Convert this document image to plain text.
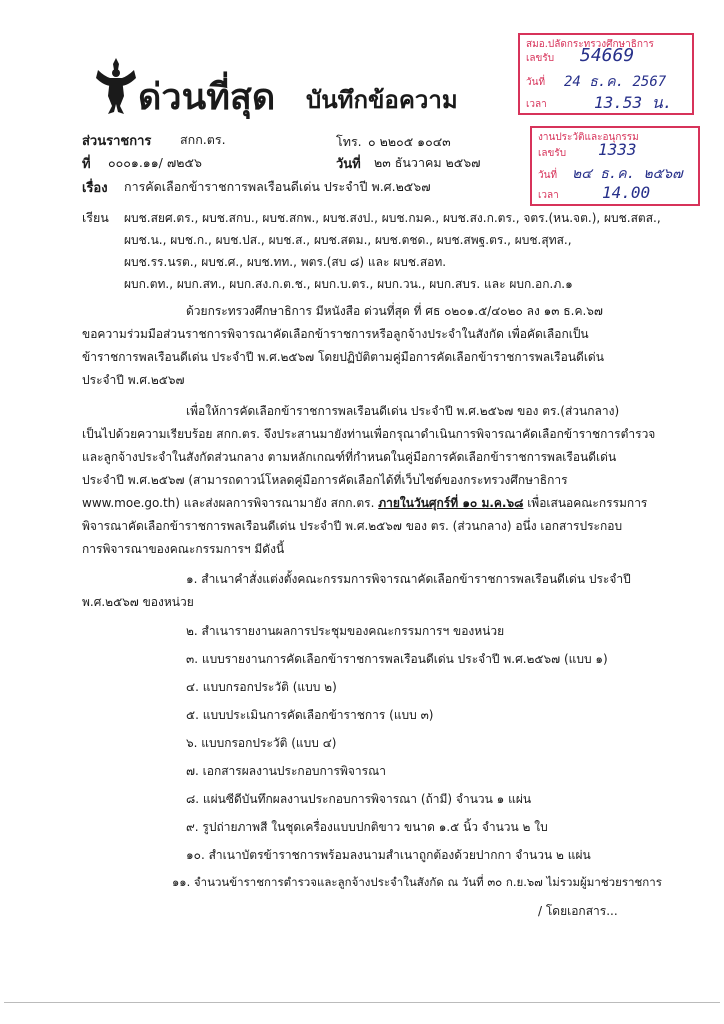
ด่วนที่สุด บันทึกข้อความ
สมอ.ปลัดกระทรวงศึกษาธิการ
เลขรับ 54669
วันที่ 24 ธ.ค. 2567
เวลา	13.53 น.
งานประวัติและอนุกรรม
เลขรับ 1333
วันที่ ๒๔ ธ.ค. ๒๕๖๗
เวลา	14.00
ส่วนราชการ สกก.ตร.	โทร. ๐ ๒๒๐๕ ๑๐๔๓
ที่ ๐๐๐๑.๑๑/ ๗๒๕๖	วันที่ ๒๓ ธันวาคม ๒๕๖๗
เรื่อง การคัดเลือกข้าราชการพลเรือนดีเด่น ประจำปี พ.ศ.๒๕๖๗
เรียน ผบช.สยศ.ตร., ผบช.สกบ., ผบช.สกพ., ผบช.สงป., ผบช.กมค., ผบช.สง.ก.ตร., จตร.(หน.จต.), ผบช.สตส.,
ผบช.น., ผบช.ก., ผบช.ปส., ผบช.ส., ผบช.สตม., ผบช.ตชด., ผบช.สพฐ.ตร., ผบช.สุทส.,
ผบช.รร.นรต., ผบช.ศ., ผบช.ทท., พตร.(สบ ๘) และ ผบช.สอท.
ผบก.ตท., ผบก.สท., ผบก.สง.ก.ต.ช., ผบก.บ.ตร., ผบก.วน., ผบก.สบร. และ ผบก.อก.ภ.๑
ด้วยกระทรวงศึกษาธิการ มีหนังสือ ด่วนที่สุด ที่ ศธ ๐๒๐๑.๕/๔๐๒๐ ลง ๑๓ ธ.ค.๖๗
ขอความร่วมมือส่วนราชการพิจารณาคัดเลือกข้าราชการหรือลูกจ้างประจำในสังกัด เพื่อคัดเลือกเป็น
ข้าราชการพลเรือนดีเด่น ประจำปี พ.ศ.๒๕๖๗ โดยปฏิบัติตามคู่มือการคัดเลือกข้าราชการพลเรือนดีเด่น
ประจำปี พ.ศ.๒๕๖๗
เพื่อให้การคัดเลือกข้าราชการพลเรือนดีเด่น ประจำปี พ.ศ.๒๕๖๗ ของ ตร.(ส่วนกลาง)
เป็นไปด้วยความเรียบร้อย สกก.ตร. จึงประสานมายังท่านเพื่อกรุณาดำเนินการพิจารณาคัดเลือกข้าราชการตำรวจ
และลูกจ้างประจำในสังกัดส่วนกลาง ตามหลักเกณฑ์ที่กำหนดในคู่มือการคัดเลือกข้าราชการพลเรือนดีเด่น
ประจำปี พ.ศ.๒๕๖๗ (สามารถดาวน์โหลดคู่มือการคัดเลือกได้ที่เว็บไซต์ของกระทรวงศึกษาธิการ
www.moe.go.th) และส่งผลการพิจารณามายัง สกก.ตร. ภายในวันศุกร์ที่ ๑๐ ม.ค.๖๘ เพื่อเสนอคณะกรรมการ
พิจารณาคัดเลือกข้าราชการพลเรือนดีเด่น ประจำปี พ.ศ.๒๕๖๗ ของ ตร. (ส่วนกลาง) อนึ่ง เอกสารประกอบ
การพิจารณาของคณะกรรมการฯ มีดังนี้
๑. สำเนาคำสั่งแต่งตั้งคณะกรรมการพิจารณาคัดเลือกข้าราชการพลเรือนดีเด่น ประจำปี
พ.ศ.๒๕๖๗ ของหน่วย
๒. สำเนารายงานผลการประชุมของคณะกรรมการฯ ของหน่วย
๓. แบบรายงานการคัดเลือกข้าราชการพลเรือนดีเด่น ประจำปี พ.ศ.๒๕๖๗ (แบบ ๑)
๔. แบบกรอกประวัติ (แบบ ๒)
๕. แบบประเมินการคัดเลือกข้าราชการ (แบบ ๓)
๖. แบบกรอกประวัติ (แบบ ๔)
๗. เอกสารผลงานประกอบการพิจารณา
๘. แผ่นซีดีบันทึกผลงานประกอบการพิจารณา (ถ้ามี) จำนวน ๑ แผ่น
๙. รูปถ่ายภาพสี ในชุดเครื่องแบบปกติขาว ขนาด ๑.๕ นิ้ว จำนวน ๒ ใบ
๑๐. สำเนาบัตรข้าราชการพร้อมลงนามสำเนาถูกต้องด้วยปากกา จำนวน ๒ แผ่น
๑๑. จำนวนข้าราชการตำรวจและลูกจ้างประจำในสังกัด ณ วันที่ ๓๐ ก.ย.๖๗ ไม่รวมผู้มาช่วยราชการ
/ โดยเอกสาร...
